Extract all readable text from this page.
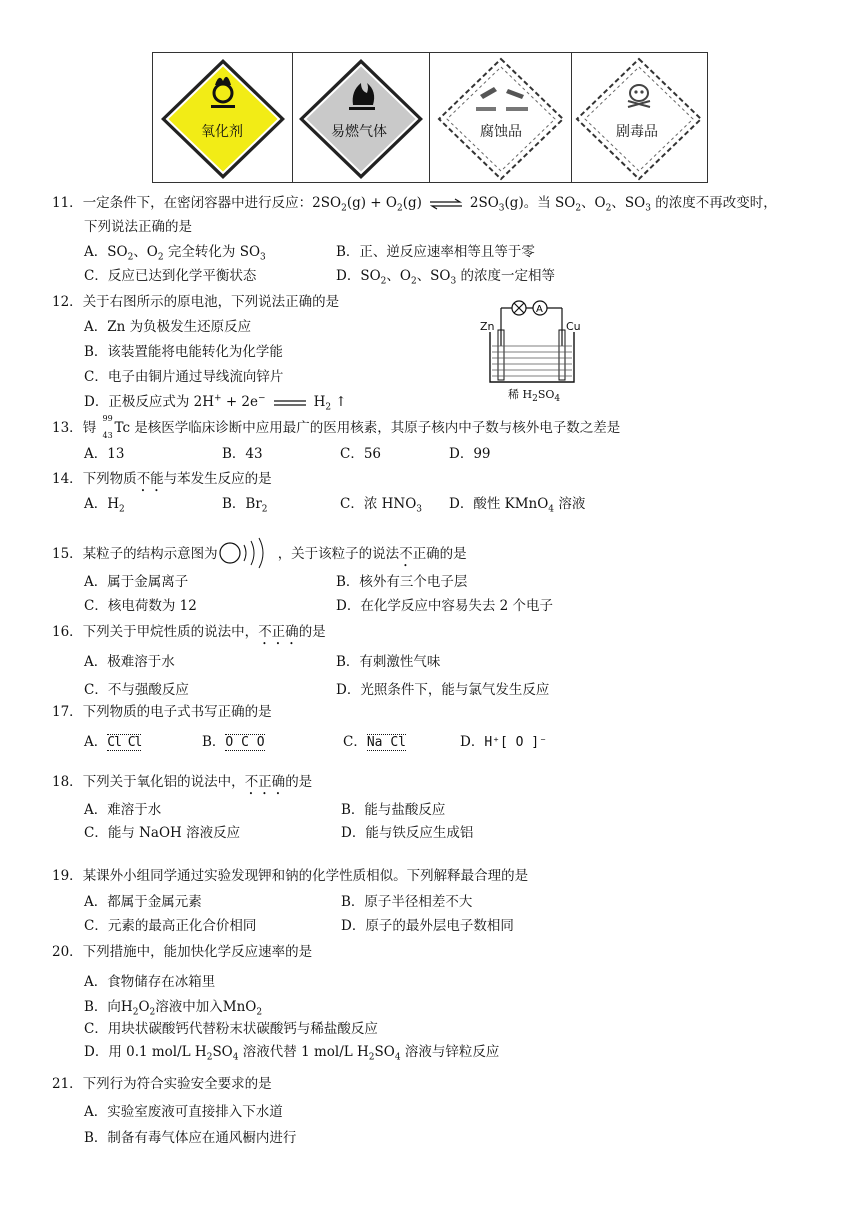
氧化剂	易燃气体	腐蚀品	剧毒品
11．一定条件下，在密闭容器中进行反应：$2SO_2(g) + O_2(g)$ ⇌ $2SO_3(g)$。当 $SO_2$、$O_2$、$SO_3$ 的浓度不再改变时，
下列说法正确的是
A．$SO_2$、$O_2$ 完全转化为 $SO_3$	B．正、逆反应速率相等且等于零
C．反应已达到化学平衡状态	D．$SO_2$、$O_2$、$SO_3$ 的浓度一定相等
12．关于右图所示的原电池，下列说法正确的是
A．Zn 为负极发生还原反应
B．该装置能将电能转化为化学能
C．电子由铜片通过导线流向锌片
D．正极反应式为 2H+ + 2e−	$H_2$ ↑
A
Zn	Cu
稀 $H_2SO_4$
13．锝
99
43 Tc 是核医学临床诊断中应用最广的医用核素，其原子核内中子数与核外电子数之差是
A．13	B．43	C．56	D．99
14．下列物质不能与苯发生反应的是
A．$H_2$	B．$Br_2$	C．浓 $HNO_3$ D．酸性 KMnO$_4$ 溶液
15．某粒子的结构示意图为	，关于该粒子的说法不正确的是
A．属于金属离子	B．核外有三个电子层
C．核电荷数为 12	D．在化学反应中容易失去 2 个电子
16．下列关于甲烷性质的说法中，不正确的是
A．极难溶于水	B．有刺激性气味
C．不与强酸反应	D．光照条件下，能与氯气发生反应
17．下列物质的电子式书写正确的是
A．Cl Cl	B．O C O	C．Na Cl	D．H⁺[ O ]⁻
18．下列关于氧化铝的说法中，不正确的是
A．难溶于水	B．能与盐酸反应
C．能与 NaOH 溶液反应	D．能与铁反应生成铝
19．某课外小组同学通过实验发现钾和钠的化学性质相似。下列解释最合理的是
A．都属于金属元素	B．原子半径相差不大
C．元素的最高正化合价相同	D．原子的最外层电子数相同
20．下列措施中，能加快化学反应速率的是
A．食物储存在冰箱里
B．向$H_2O_2$溶液中加入MnO$_2$
C．用块状碳酸钙代替粉末状碳酸钙与稀盐酸反应
D．用 0.1 mol/L $H_2SO_4$ 溶液代替 1 mol/L $H_2SO_4$ 溶液与锌粒反应
21．下列行为符合实验安全要求的是
A．实验室废液可直接排入下水道
B．制备有毒气体应在通风橱内进行
